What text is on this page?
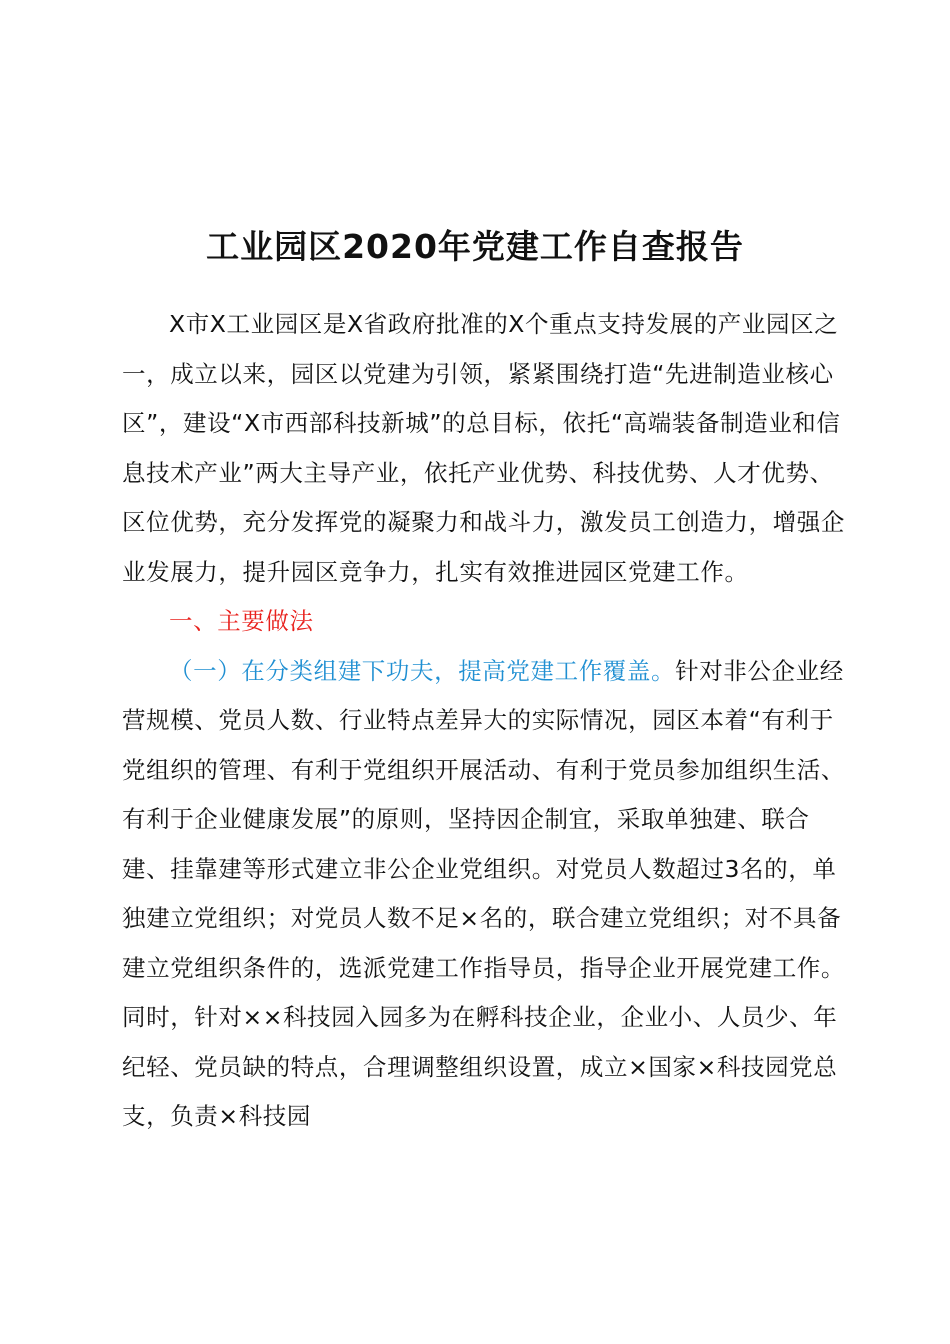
工业园区2020年党建工作自查报告

X市X工业园区是X省政府批准的X个重点支持发展的产业园区之一，成立以来，园区以党建为引领，紧紧围绕打造“先进制造业核心区”，建设“X市西部科技新城”的总目标，依托“高端装备制造业和信息技术产业”两大主导产业，依托产业优势、科技优势、人才优势、区位优势，充分发挥党的凝聚力和战斗力，激发员工创造力，增强企业发展力，提升园区竞争力，扎实有效推进园区党建工作。

一、主要做法

（一）在分类组建下功夫，提高党建工作覆盖。针对非公企业经营规模、党员人数、行业特点差异大的实际情况，园区本着“有利于党组织的管理、有利于党组织开展活动、有利于党员参加组织生活、有利于企业健康发展”的原则，坚持因企制宜，采取单独建、联合建、挂靠建等形式建立非公企业党组织。对党员人数超过3名的，单独建立党组织；对党员人数不足×名的，联合建立党组织；对不具备建立党组织条件的，选派党建工作指导员，指导企业开展党建工作。同时，针对××科技园入园多为在孵科技企业，企业小、人员少、年纪轻、党员缺的特点，合理调整组织设置，成立×国家×科技园党总支，负责×科技园
